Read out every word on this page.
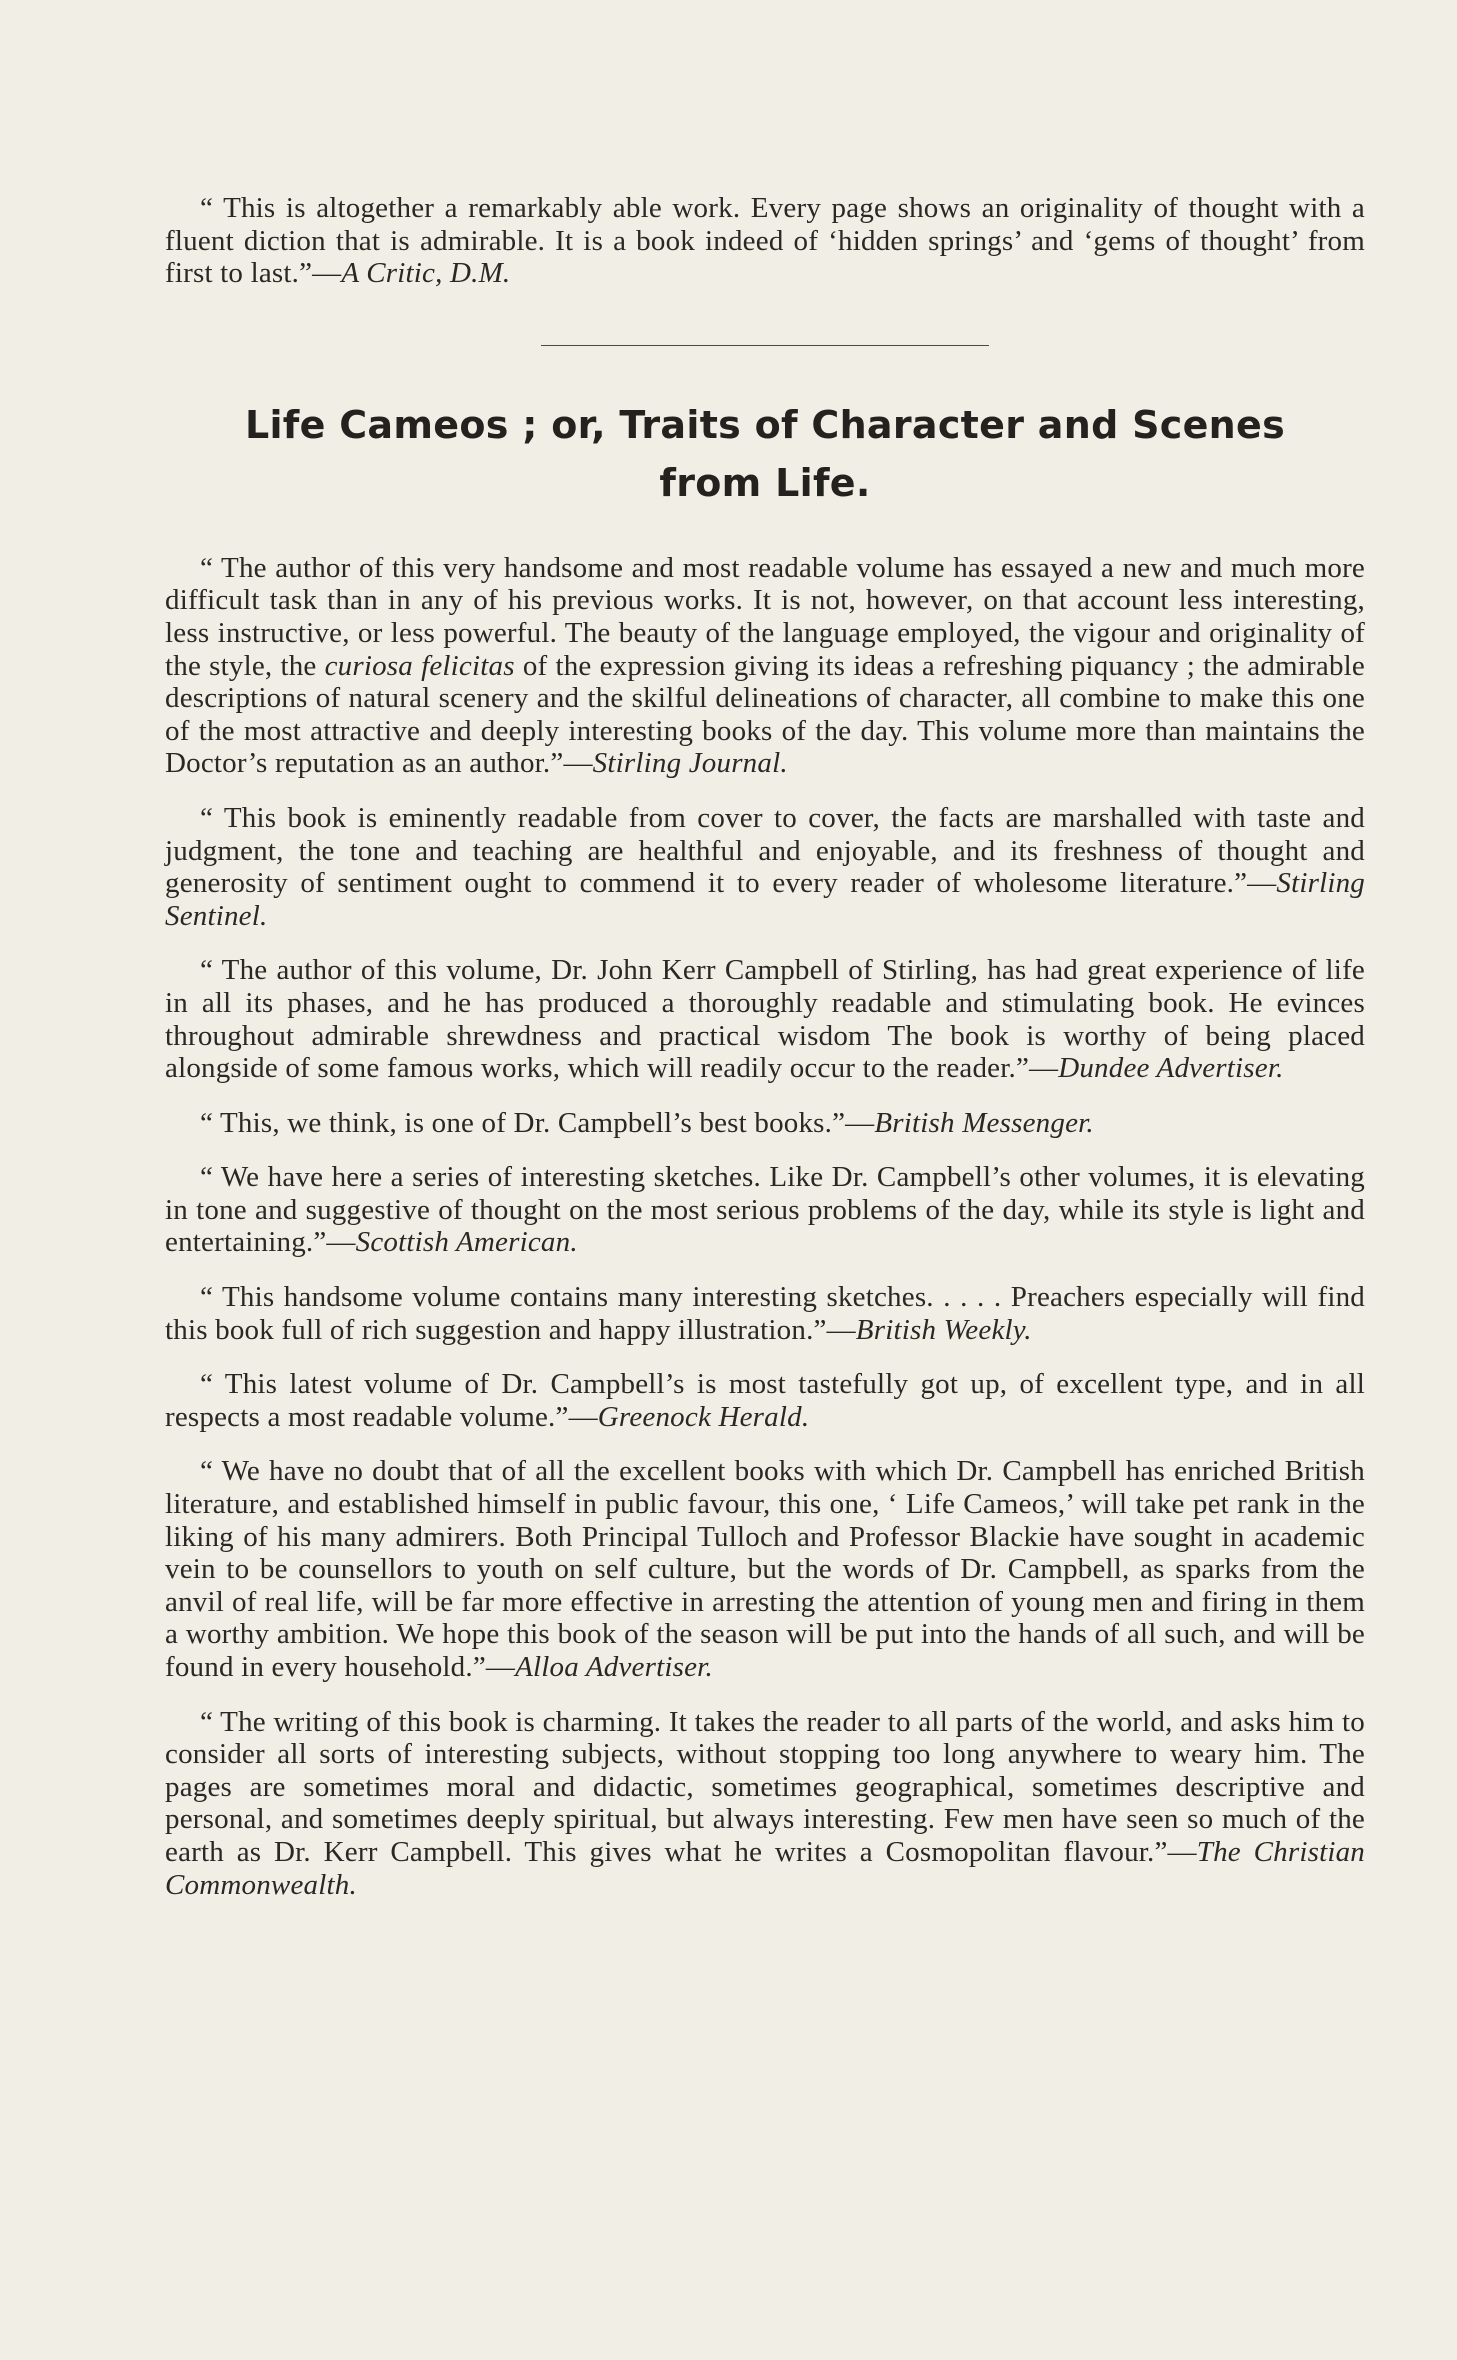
“ This is altogether a remarkably able work. Every page shows an originality of thought with a fluent diction that is admirable. It is a book indeed of ‘hidden springs’ and ‘gems of thought’ from first to last.”—A Critic, D.M.

Life Cameos ; or, Traits of Character and Scenes
from Life.

“ The author of this very handsome and most readable volume has essayed a new and much more difficult task than in any of his previous works. It is not, however, on that account less interesting, less instructive, or less powerful. The beauty of the language employed, the vigour and originality of the style, the curiosa felicitas of the expression giving its ideas a refreshing piquancy ; the admirable descriptions of natural scenery and the skilful delineations of character, all combine to make this one of the most attractive and deeply interesting books of the day. This volume more than maintains the Doctor’s reputation as an author.”—Stirling Journal.

“ This book is eminently readable from cover to cover, the facts are marshalled with taste and judgment, the tone and teaching are healthful and enjoyable, and its freshness of thought and generosity of sentiment ought to commend it to every reader of wholesome literature.”—Stirling Sentinel.

“ The author of this volume, Dr. John Kerr Campbell of Stirling, has had great experience of life in all its phases, and he has produced a thoroughly readable and stimulating book. He evinces throughout admirable shrewdness and practical wisdom The book is worthy of being placed alongside of some famous works, which will readily occur to the reader.”—Dundee Advertiser.

“ This, we think, is one of Dr. Campbell’s best books.”—British Messenger.

“ We have here a series of interesting sketches. Like Dr. Campbell’s other volumes, it is elevating in tone and suggestive of thought on the most serious problems of the day, while its style is light and entertaining.”—Scottish American.

“ This handsome volume contains many interesting sketches. . . . . Preachers especially will find this book full of rich suggestion and happy illustration.”—British Weekly.

“ This latest volume of Dr. Campbell’s is most tastefully got up, of excellent type, and in all respects a most readable volume.”—Greenock Herald.

“ We have no doubt that of all the excellent books with which Dr. Campbell has enriched British literature, and established himself in public favour, this one, ‘ Life Cameos,’ will take pet rank in the liking of his many admirers. Both Principal Tulloch and Professor Blackie have sought in academic vein to be counsellors to youth on self culture, but the words of Dr. Campbell, as sparks from the anvil of real life, will be far more effective in arresting the attention of young men and firing in them a worthy ambition. We hope this book of the season will be put into the hands of all such, and will be found in every household.”—Alloa Advertiser.

“ The writing of this book is charming. It takes the reader to all parts of the world, and asks him to consider all sorts of interesting subjects, without stopping too long anywhere to weary him. The pages are sometimes moral and didactic, sometimes geographical, sometimes descriptive and personal, and sometimes deeply spiritual, but always interesting. Few men have seen so much of the earth as Dr. Kerr Campbell. This gives what he writes a Cosmopolitan flavour.”—The Christian Commonwealth.
